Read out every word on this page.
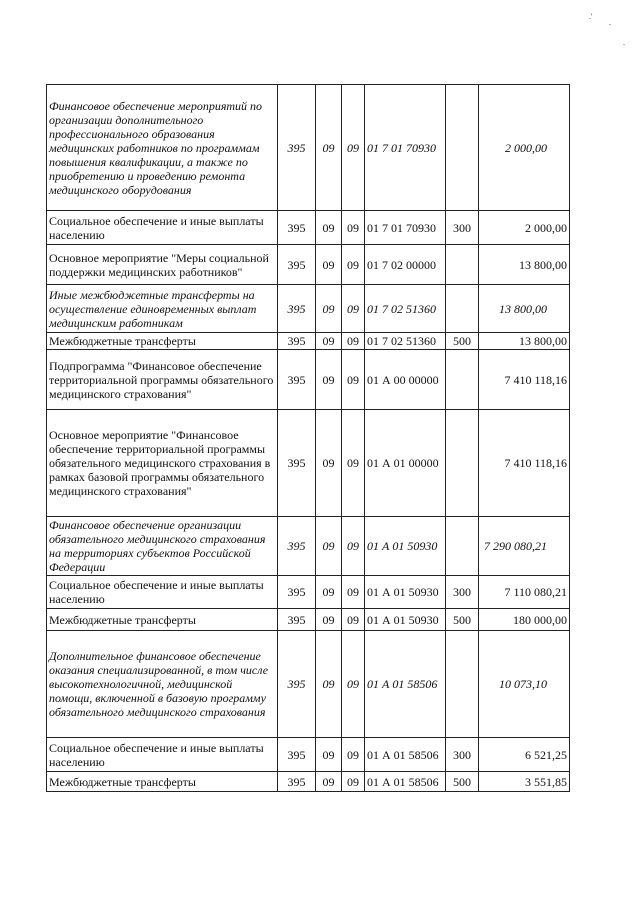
.'
.
.
Финансовое обеспечение мероприятий по организации дополнительного профессионального образования медицинских работников по программам повышения квалификации, а также по приобретению и проведению ремонта медицинского оборудования	395	09	09	01 7 01 70930		2 000,00
Социальное обеспечение и иные выплаты населению	395	09	09	01 7 01 70930	300	2 000,00
Основное мероприятие "Меры социальной поддержки медицинских работников"	395	09	09	01 7 02 00000		13 800,00
Иные межбюджетные трансферты на осуществление единовременных выплат медицинским работникам	395	09	09	01 7 02 51360		13 800,00
Межбюджетные трансферты	395	09	09	01 7 02 51360	500	13 800,00
Подпрограмма "Финансовое обеспечение территориальной программы обязательного медицинского страхования"	395	09	09	01 А 00 00000		7 410 118,16
Основное мероприятие "Финансовое обеспечение территориальной программы обязательного медицинского страхования в рамках базовой программы обязательного медицинского страхования"	395	09	09	01 А 01 00000		7 410 118,16
Финансовое обеспечение организации обязательного медицинского страхования на территориях субъектов Российской Федерации	395	09	09	01 А 01 50930		7 290 080,21
Социальное обеспечение и иные выплаты населению	395	09	09	01 А 01 50930	300	7 110 080,21
Межбюджетные трансферты	395	09	09	01 А 01 50930	500	180 000,00
Дополнительное финансовое обеспечение оказания специализированной, в том числе высокотехнологичной, медицинской помощи, включенной в базовую программу обязательного медицинского страхования	395	09	09	01 А 01 58506		10 073,10
Социальное обеспечение и иные выплаты населению	395	09	09	01 А 01 58506	300	6 521,25
Межбюджетные трансферты	395	09	09	01 А 01 58506	500	3 551,85
